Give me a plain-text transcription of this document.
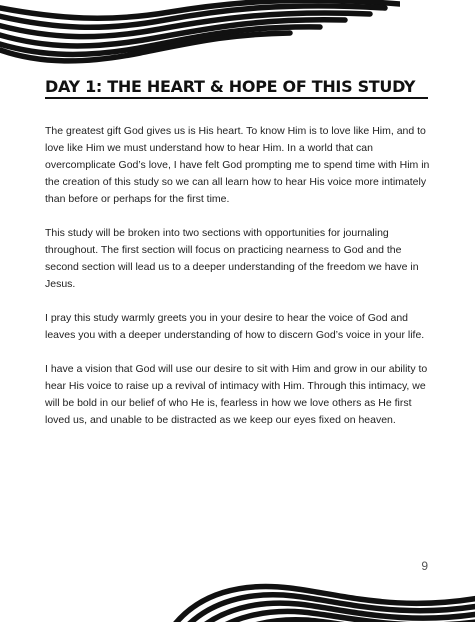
DAY 1: THE HEART & HOPE OF THIS STUDY

The greatest gift God gives us is His heart. To know Him is to love like Him, and to love like Him we must understand how to hear Him. In a world that can overcomplicate God’s love, I have felt God prompting me to spend time with Him in the creation of this study so we can all learn how to hear His voice more intimately than before or perhaps for the first time.

This study will be broken into two sections with opportunities for journaling throughout. The first section will focus on practicing nearness to God and the second section will lead us to a deeper understanding of the freedom we have in Jesus.

I pray this study warmly greets you in your desire to hear the voice of God and leaves you with a deeper understanding of how to discern God’s voice in your life.

I have a vision that God will use our desire to sit with Him and grow in our ability to hear His voice to raise up a revival of intimacy with Him. Through this intimacy, we will be bold in our belief of who He is, fearless in how we love others as He first loved us, and unable to be distracted as we keep our eyes fixed on heaven.

9
